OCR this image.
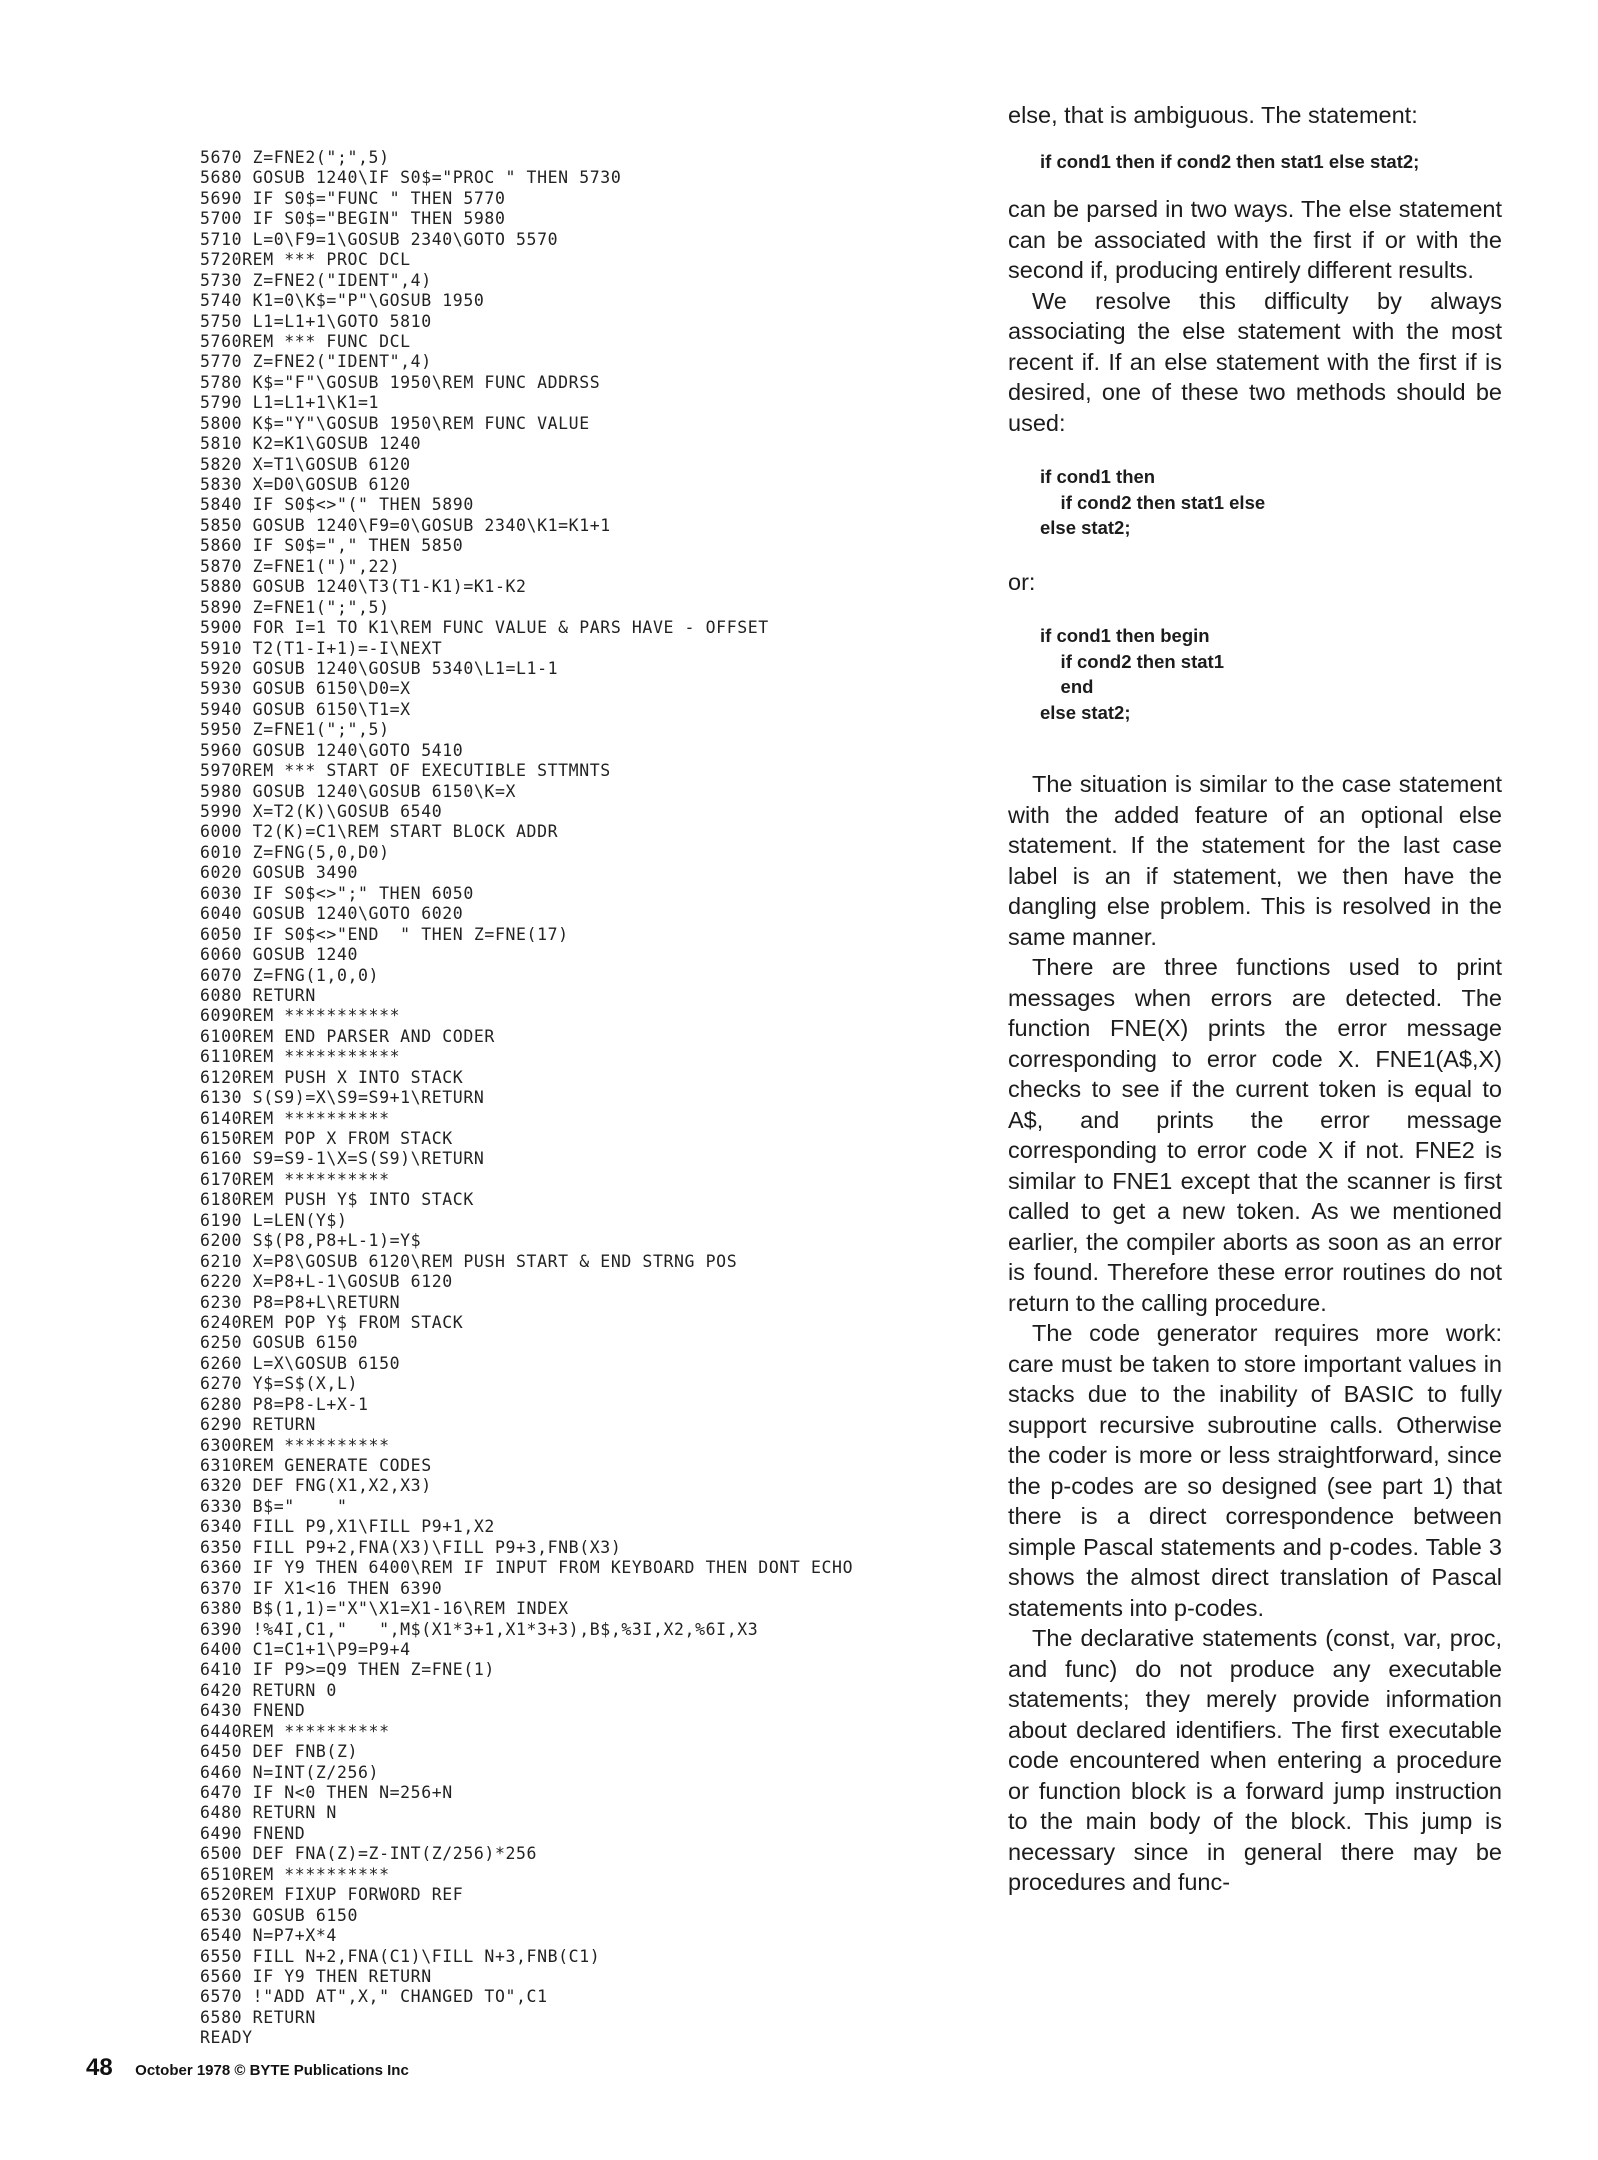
5670 Z=FNE2(";",5)
5680 GOSUB 1240\IF S0$="PROC " THEN 5730
5690 IF S0$="FUNC " THEN 5770
5700 IF S0$="BEGIN" THEN 5980
5710 L=0\F9=1\GOSUB 2340\GOTO 5570
5720REM *** PROC DCL
5730 Z=FNE2("IDENT",4)
5740 K1=0\K$="P"\GOSUB 1950
5750 L1=L1+1\GOTO 5810
5760REM *** FUNC DCL
5770 Z=FNE2("IDENT",4)
5780 K$="F"\GOSUB 1950\REM FUNC ADDRSS
5790 L1=L1+1\K1=1
5800 K$="Y"\GOSUB 1950\REM FUNC VALUE
5810 K2=K1\GOSUB 1240
5820 X=T1\GOSUB 6120
5830 X=D0\GOSUB 6120
5840 IF S0$<>"(" THEN 5890
5850 GOSUB 1240\F9=0\GOSUB 2340\K1=K1+1
5860 IF S0$="," THEN 5850
5870 Z=FNE1(")",22)
5880 GOSUB 1240\T3(T1-K1)=K1-K2
5890 Z=FNE1(";",5)
5900 FOR I=1 TO K1\REM FUNC VALUE & PARS HAVE - OFFSET
5910 T2(T1-I+1)=-I\NEXT
5920 GOSUB 1240\GOSUB 5340\L1=L1-1
5930 GOSUB 6150\D0=X
5940 GOSUB 6150\T1=X
5950 Z=FNE1(";",5)
5960 GOSUB 1240\GOTO 5410
5970REM *** START OF EXECUTIBLE STTMNTS
5980 GOSUB 1240\GOSUB 6150\K=X
5990 X=T2(K)\GOSUB 6540
6000 T2(K)=C1\REM START BLOCK ADDR
6010 Z=FNG(5,0,D0)
6020 GOSUB 3490
6030 IF S0$<>";" THEN 6050
6040 GOSUB 1240\GOTO 6020
6050 IF S0$<>"END  " THEN Z=FNE(17)
6060 GOSUB 1240
6070 Z=FNG(1,0,0)
6080 RETURN
6090REM ***********
6100REM END PARSER AND CODER
6110REM ***********
6120REM PUSH X INTO STACK
6130 S(S9)=X\S9=S9+1\RETURN
6140REM **********
6150REM POP X FROM STACK
6160 S9=S9-1\X=S(S9)\RETURN
6170REM **********
6180REM PUSH Y$ INTO STACK
6190 L=LEN(Y$)
6200 S$(P8,P8+L-1)=Y$
6210 X=P8\GOSUB 6120\REM PUSH START & END STRNG POS
6220 X=P8+L-1\GOSUB 6120
6230 P8=P8+L\RETURN
6240REM POP Y$ FROM STACK
6250 GOSUB 6150
6260 L=X\GOSUB 6150
6270 Y$=S$(X,L)
6280 P8=P8-L+X-1
6290 RETURN
6300REM **********
6310REM GENERATE CODES
6320 DEF FNG(X1,X2,X3)
6330 B$="    "
6340 FILL P9,X1\FILL P9+1,X2
6350 FILL P9+2,FNA(X3)\FILL P9+3,FNB(X3)
6360 IF Y9 THEN 6400\REM IF INPUT FROM KEYBOARD THEN DONT ECHO
6370 IF X1<16 THEN 6390
6380 B$(1,1)="X"\X1=X1-16\REM INDEX
6390 !%4I,C1,"   ",M$(X1*3+1,X1*3+3),B$,%3I,X2,%6I,X3
6400 C1=C1+1\P9=P9+4
6410 IF P9>=Q9 THEN Z=FNE(1)
6420 RETURN 0
6430 FNEND
6440REM **********
6450 DEF FNB(Z)
6460 N=INT(Z/256)
6470 IF N<0 THEN N=256+N
6480 RETURN N
6490 FNEND
6500 DEF FNA(Z)=Z-INT(Z/256)*256
6510REM **********
6520REM FIXUP FORWORD REF
6530 GOSUB 6150
6540 N=P7+X*4
6550 FILL N+2,FNA(C1)\FILL N+3,FNB(C1)
6560 IF Y9 THEN RETURN
6570 !"ADD AT",X," CHANGED TO",C1
6580 RETURN
READY

else, that is ambiguous. The statement:

if cond1 then if cond2 then stat1 else stat2;

can be parsed in two ways. The else statement can be associated with the first if or with the second if, producing entirely different results.

We resolve this difficulty by always associating the else statement with the most recent if. If an else statement with the first if is desired, one of these two methods should be used:

if cond1 then
if cond2 then stat1 else
else stat2;

or:

if cond1 then begin
if cond2 then stat1
end
else stat2;

The situation is similar to the case statement with the added feature of an optional else statement. If the statement for the last case label is an if statement, we then have the dangling else problem. This is resolved in the same manner.

There are three functions used to print messages when errors are detected. The function FNE(X) prints the error message corresponding to error code X. FNE1(A$,X) checks to see if the current token is equal to A$, and prints the error message corresponding to error code X if not. FNE2 is similar to FNE1 except that the scanner is first called to get a new token. As we mentioned earlier, the compiler aborts as soon as an error is found. Therefore these error routines do not return to the calling procedure.

The code generator requires more work: care must be taken to store important values in stacks due to the inability of BASIC to fully support recursive subroutine calls. Otherwise the coder is more or less straightforward, since the p-codes are so designed (see part 1) that there is a direct correspondence between simple Pascal statements and p-codes. Table 3 shows the almost direct translation of Pascal statements into p-codes.

The declarative statements (const, var, proc, and func) do not produce any executable statements; they merely provide information about declared identifiers. The first executable code encountered when entering a procedure or function block is a forward jump instruction to the main body of the block. This jump is necessary since in general there may be procedures and func-

48 October 1978 © BYTE Publications Inc
